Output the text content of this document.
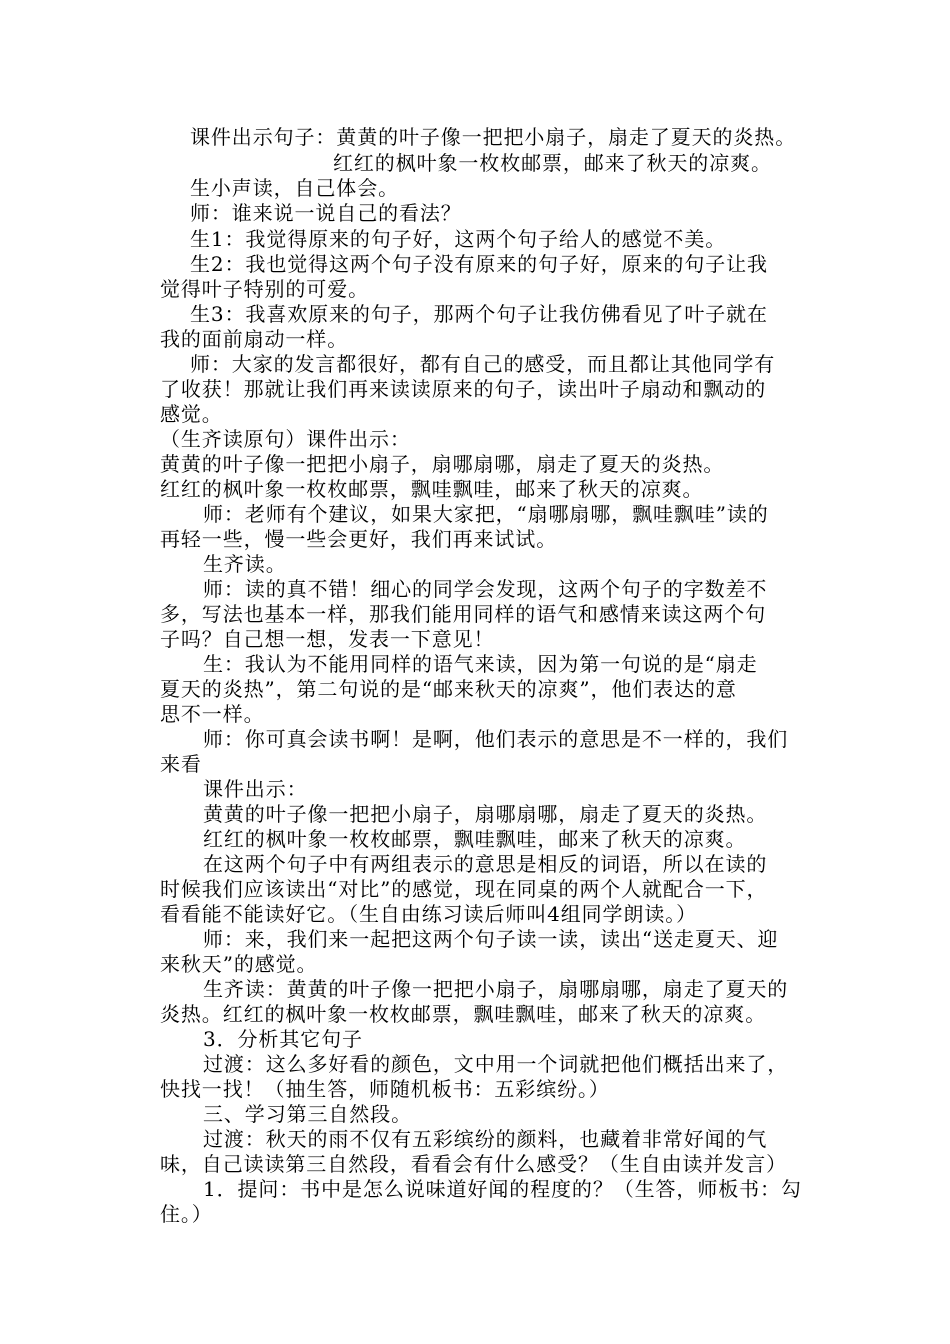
课件出示句子：黄黄的叶子像一把把小扇子，扇走了夏天的炎热。
红红的枫叶象一枚枚邮票，邮来了秋天的凉爽。
生小声读，自己体会。
师：谁来说一说自己的看法？
生1：我觉得原来的句子好，这两个句子给人的感觉不美。
生2：我也觉得这两个句子没有原来的句子好，原来的句子让我
觉得叶子特别的可爱。
生3：我喜欢原来的句子，那两个句子让我仿佛看见了叶子就在
我的面前扇动一样。
师：大家的发言都很好，都有自己的感受，而且都让其他同学有
了收获！那就让我们再来读读原来的句子，读出叶子扇动和飘动的
感觉。
（生齐读原句）课件出示：
黄黄的叶子像一把把小扇子，扇哪扇哪，扇走了夏天的炎热。
红红的枫叶象一枚枚邮票，飘哇飘哇，邮来了秋天的凉爽。
师：老师有个建议，如果大家把，“扇哪扇哪，飘哇飘哇”读的
再轻一些，慢一些会更好，我们再来试试。
生齐读。
师：读的真不错！细心的同学会发现，这两个句子的字数差不
多，写法也基本一样，那我们能用同样的语气和感情来读这两个句
子吗？自己想一想，发表一下意见！
生：我认为不能用同样的语气来读，因为第一句说的是“扇走
夏天的炎热”，第二句说的是“邮来秋天的凉爽”，他们表达的意
思不一样。
师：你可真会读书啊！是啊，他们表示的意思是不一样的，我们
来看
课件出示：
黄黄的叶子像一把把小扇子，扇哪扇哪，扇走了夏天的炎热。
红红的枫叶象一枚枚邮票，飘哇飘哇，邮来了秋天的凉爽。
在这两个句子中有两组表示的意思是相反的词语，所以在读的
时候我们应该读出“对比”的感觉，现在同桌的两个人就配合一下，
看看能不能读好它。（生自由练习读后师叫4组同学朗读。）
师：来，我们来一起把这两个句子读一读，读出“送走夏天、迎
来秋天”的感觉。
生齐读：黄黄的叶子像一把把小扇子，扇哪扇哪，扇走了夏天的
炎热。红红的枫叶象一枚枚邮票，飘哇飘哇，邮来了秋天的凉爽。
3．分析其它句子
过渡：这么多好看的颜色，文中用一个词就把他们概括出来了，
快找一找！（抽生答，师随机板书：五彩缤纷。）
三、学习第三自然段。
过渡：秋天的雨不仅有五彩缤纷的颜料，也藏着非常好闻的气
味，自己读读第三自然段，看看会有什么感受？（生自由读并发言）
1．提问：书中是怎么说味道好闻的程度的？（生答，师板书：勾
住。）
